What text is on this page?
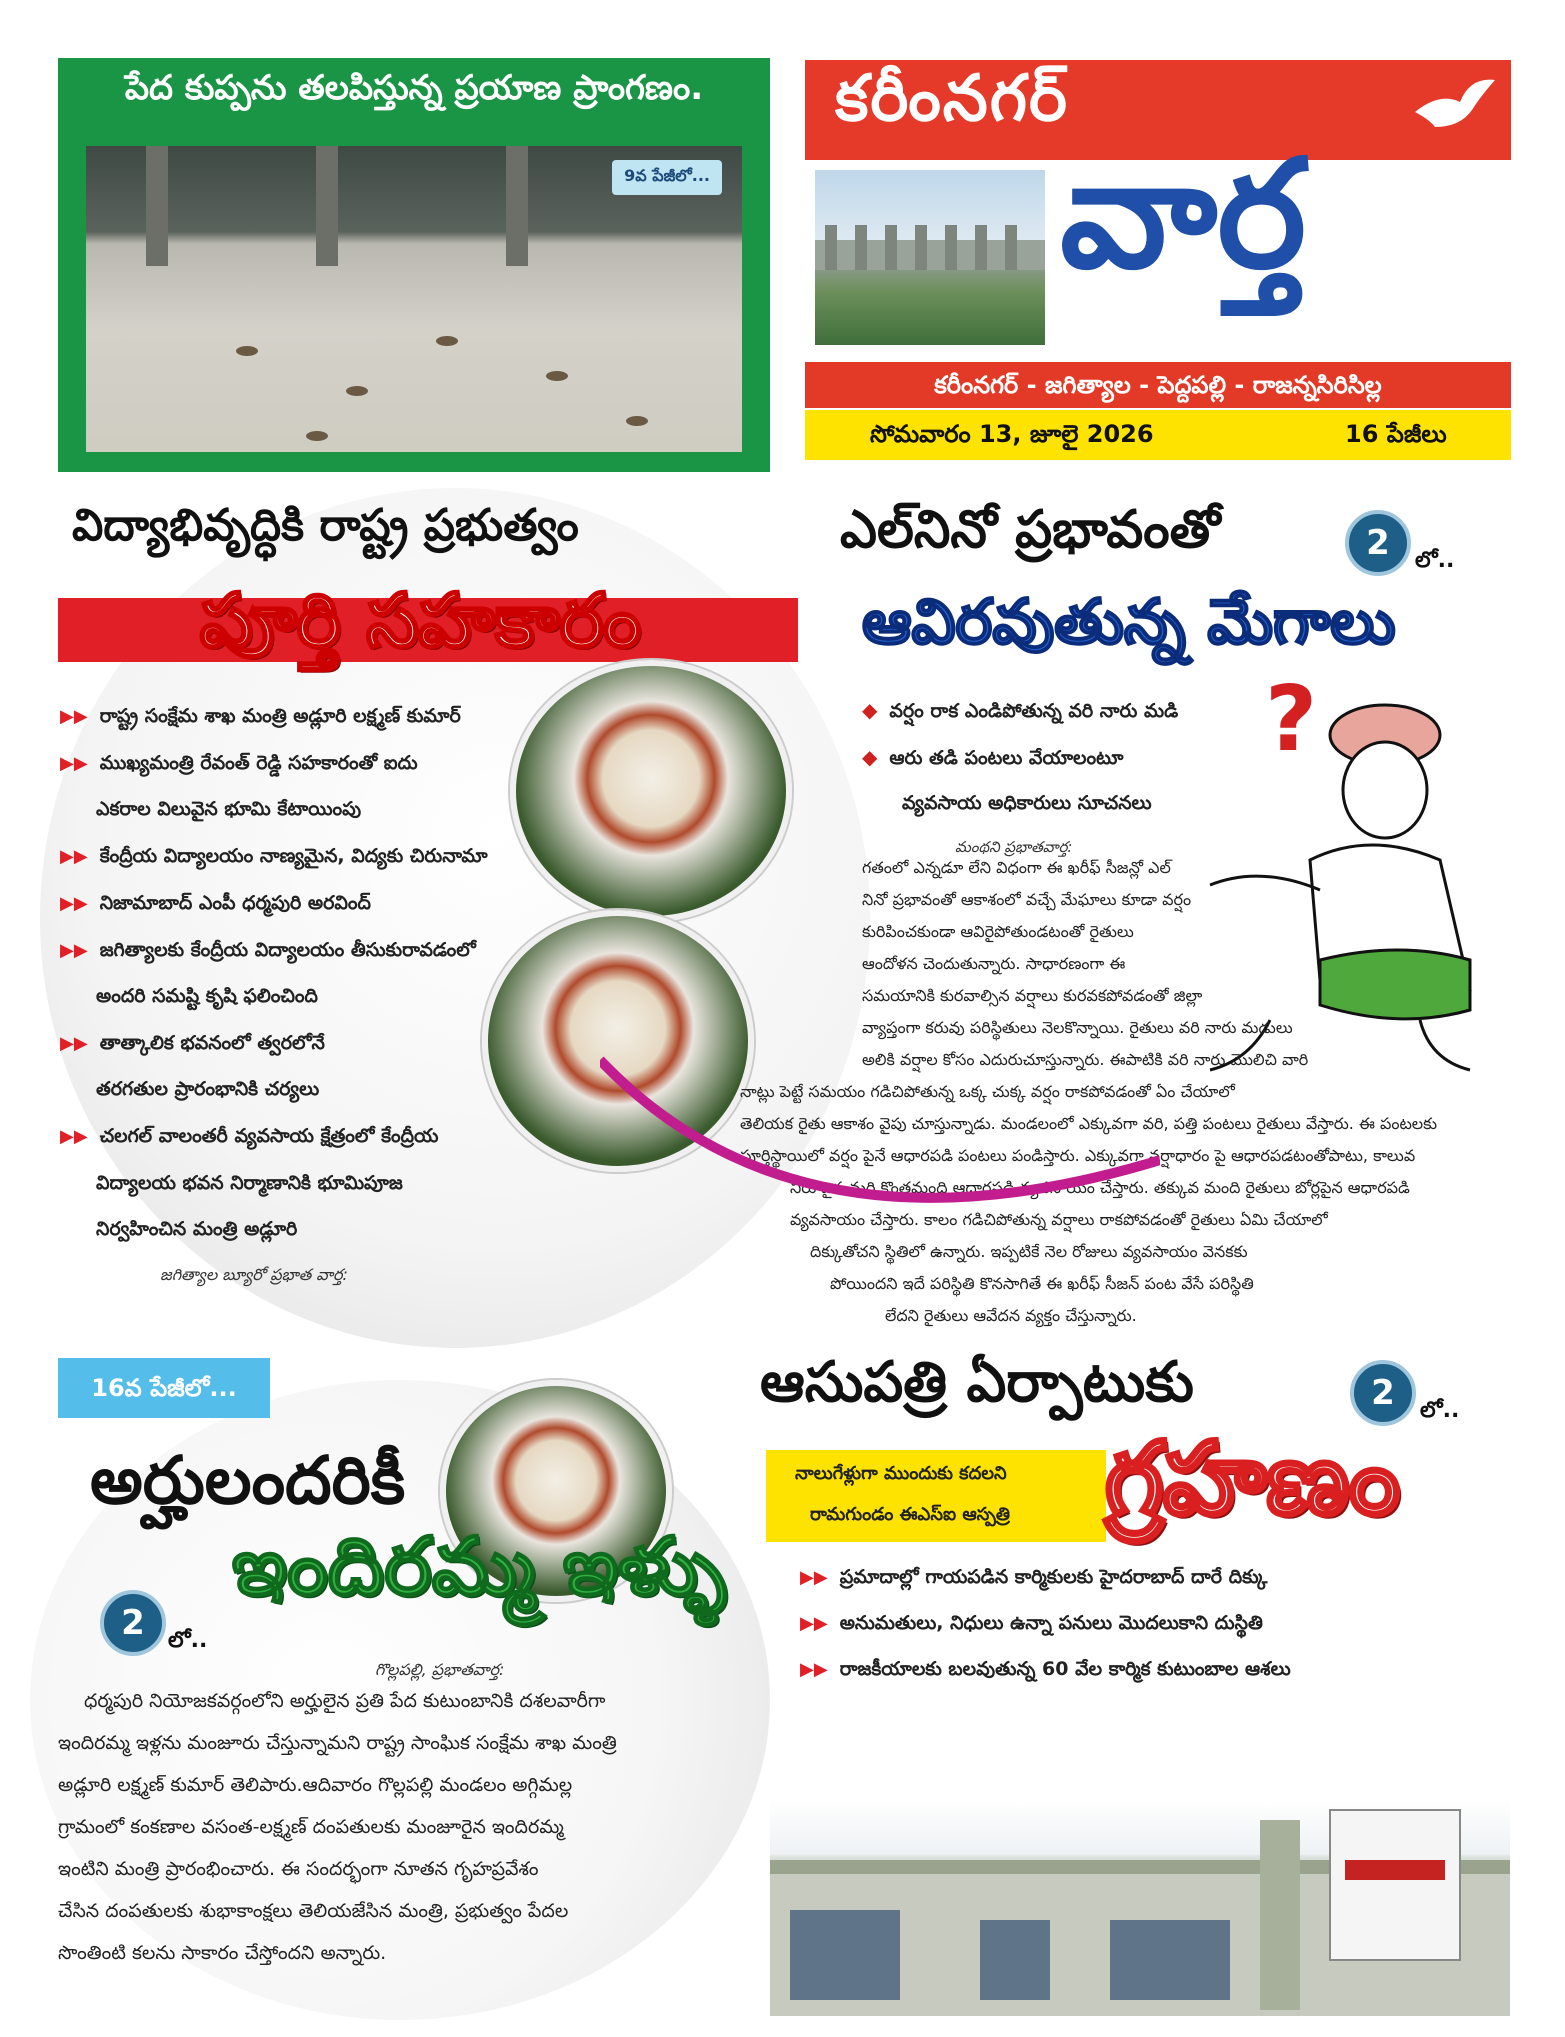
పేద కుప్పను తలపిస్తున్న ప్రయాణ ప్రాంగణం.
9వ పేజీలో...
కరీంనగర్
వార్త
కరీంనగర్ - జగిత్యాల - పెద్దపల్లి - రాజన్నసిరిసిల్ల
సోమవారం 13, జూలై 2026	16 పేజీలు
విద్యాభివృద్ధికి రాష్ట్ర ప్రభుత్వం
పూర్తి సహకారం
▶▶ రాష్ట్ర సంక్షేమ శాఖ మంత్రి అడ్లూరి లక్ష్మణ్ కుమార్
▶▶ ముఖ్యమంత్రి రేవంత్ రెడ్డి సహకారంతో ఐదు
ఎకరాల విలువైన భూమి కేటాయింపు
▶▶ కేంద్రీయ విద్యాలయం నాణ్యమైన, విద్యకు చిరునామా
▶▶ నిజామాబాద్ ఎంపీ ధర్మపురి అరవింద్
▶▶ జగిత్యాలకు కేంద్రీయ విద్యాలయం తీసుకురావడంలో
అందరి సమష్టి కృషి ఫలించింది
▶▶ తాత్కాలిక భవనంలో త్వరలోనే
తరగతుల ప్రారంభానికి చర్యలు
▶▶ చలగల్ వాలంతరీ వ్యవసాయ క్షేత్రంలో కేంద్రీయ
విద్యాలయ భవన నిర్మాణానికి భూమిపూజ
నిర్వహించిన మంత్రి అడ్లూరి
జగిత్యాల బ్యూరో ప్రభాత వార్త:
ఎల్‌నినో ప్రభావంతో	2	లో..
ఆవిరవుతున్న మేగాలు
◆ వర్షం రాక ఎండిపోతున్న వరి నారు మడి
◆ ఆరు తడి పంటలు వేయాలంటూ
వ్యవసాయ అధికారులు సూచనలు
?
మంథని ప్రభాతవార్త:
గతంలో ఎన్నడూ లేని విధంగా ఈ ఖరీఫ్ సీజన్లో ఎల్
నినో ప్రభావంతో ఆకాశంలో వచ్చే మేఘాలు కూడా వర్షం
కురిపించకుండా ఆవిరైపోతుండటంతో రైతులు
ఆందోళన చెందుతున్నారు. సాధారణంగా ఈ
సమయానికి కురవాల్సిన వర్షాలు కురవకపోవడంతో జిల్లా
వ్యాప్తంగా కరువు పరిస్థితులు నెలకొన్నాయి. రైతులు వరి నారు మడులు
అలికి వర్షాల కోసం ఎదురుచూస్తున్నారు. ఈపాటికి వరి నారు మొలిచి వారి
నాట్లు పెట్టే సమయం గడిచిపోతున్న ఒక్క చుక్క వర్షం రాకపోవడంతో ఏం చేయాలో
తెలియక రైతు ఆకాశం వైపు చూస్తున్నాడు. మండలంలో ఎక్కువగా వరి, పత్తి పంటలు రైతులు వేస్తారు. ఈ పంటలకు
పూర్తిస్థాయిలో వర్షం పైనే ఆధారపడి పంటలు పండిస్తారు. ఎక్కువగా వర్షాధారం పై ఆధారపడటంతోపాటు, కాలువ
నీరు పైన మరి కొంతమంది ఆధారపడి వ్యవసాయం చేస్తారు. తక్కువ మంది రైతులు బోర్లపైన ఆధారపడి
వ్యవసాయం చేస్తారు. కాలం గడిచిపోతున్న వర్షాలు రాకపోవడంతో రైతులు ఏమి చేయాలో
దిక్కుతోచని స్థితిలో ఉన్నారు. ఇప్పటికే నెల రోజులు వ్యవసాయం వెనకకు
పోయిందని ఇదే పరిస్థితి కొనసాగితే ఈ ఖరీఫ్ సీజన్ పంట వేసే పరిస్థితి
లేదని రైతులు ఆవేదన వ్యక్తం చేస్తున్నారు.
16వ పేజీలో...
అర్హులందరికీ
ఇందిరమ్మ ఇళ్ళు
2	లో..
గొల్లపల్లి, ప్రభాతవార్త:
ధర్మపురి నియోజకవర్గంలోని అర్హులైన ప్రతి పేద కుటుంబానికి దశలవారీగా
ఇందిరమ్మ ఇళ్లను మంజూరు చేస్తున్నామని రాష్ట్ర సాంఘిక సంక్షేమ శాఖ మంత్రి
అడ్లూరి లక్ష్మణ్ కుమార్ తెలిపారు.ఆదివారం గొల్లపల్లి మండలం అగ్గిమల్ల
గ్రామంలో కంకణాల వసంత-లక్ష్మణ్ దంపతులకు మంజూరైన ఇందిరమ్మ
ఇంటిని మంత్రి ప్రారంభించారు. ఈ సందర్భంగా నూతన గృహప్రవేశం
చేసిన దంపతులకు శుభాకాంక్షలు తెలియజేసిన మంత్రి, ప్రభుత్వం పేదల
సొంతింటి కలను సాకారం చేస్తోందని అన్నారు.
ఆసుపత్రి ఏర్పాటుకు	2	లో..
నాలుగేళ్లుగా ముందుకు కదలని
రామగుండం ఈఎస్ఐ ఆస్పత్రి గ్రహణం
▶▶ ప్రమాదాల్లో గాయపడిన కార్మికులకు హైదరాబాద్ దారే దిక్కు
▶▶ అనుమతులు, నిధులు ఉన్నా పనులు మొదలుకాని దుస్థితి
▶▶ రాజకీయాలకు బలవుతున్న 60 వేల కార్మిక కుటుంబాల ఆశలు
